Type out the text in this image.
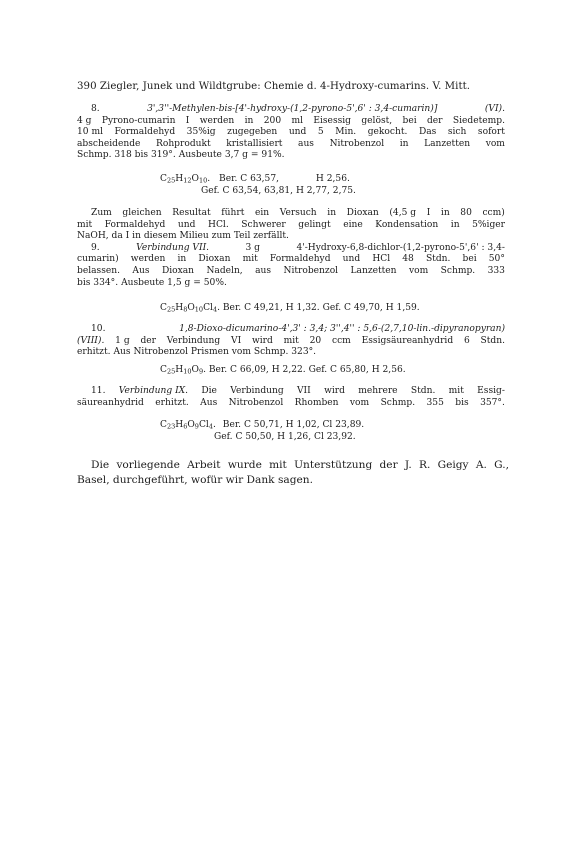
390 Ziegler, Junek und Wildtgrube: Chemie d. 4-Hydroxy-cumarins. V. Mitt.
8.	3',3''-Methylen-bis-[4'-hydroxy-(1,2-pyrono-5',6' : 3,4-cumarin)]	(VI).
4 g Pyrono-cumarin I werden in 200 ml Eisessig gelöst, bei der Siedetemp.
10 ml Formaldehyd 35%ig zugegeben und 5 Min. gekocht. Das sich sofort
abscheidende Rohprodukt kristallisiert aus Nitrobenzol in Lanzetten vom
Schmp. 318 bis 319°. Ausbeute 3,7 g = 91%.
$C_{25}H_{12}O_{10}$. Ber. C 63,57,	H 2,56.
Gef. C 63,54, 63,81, H 2,77, 2,75.
Zum gleichen Resultat führt ein Versuch in Dioxan (4,5 g I in 80 ccm)
mit Formaldehyd und HCl. Schwerer gelingt eine Kondensation in 5%iger
NaOH, da I in diesem Milieu zum Teil zerfällt.
9.	Verbindung VII.	3 g	4'-Hydroxy-6,8-dichlor-(1,2-pyrono-5',6' : 3,4-
cumarin) werden in Dioxan mit Formaldehyd und HCl 48 Stdn. bei 50°
belassen. Aus Dioxan Nadeln, aus Nitrobenzol Lanzetten vom Schmp. 333
bis 334°. Ausbeute 1,5 g = 50%.
$C_{25}H_8O_{10}Cl_4$. Ber. C 49,21, H 1,32. Gef. C 49,70, H 1,59.
10.	1,8-Dioxo-dicumarino-4',3' : 3,4; 3'',4'' : 5,6-(2,7,10-lin.-dipyranopyran)
(VIII). 1 g der Verbindung VI wird mit 20 ccm Essigsäureanhydrid 6 Stdn.
erhitzt. Aus Nitrobenzol Prismen vom Schmp. 323°.
$C_{25}H_{10}O_9$. Ber. C 66,09, H 2,22. Gef. C 65,80, H 2,56.
11. Verbindung IX. Die Verbindung VII wird mehrere Stdn. mit Essig-
säureanhydrid erhitzt. Aus Nitrobenzol Rhomben vom Schmp. 355 bis 357°.
$C_{23}H_6O_9Cl_4$. Ber. C 50,71, H 1,02, Cl 23,89.
Gef. C 50,50, H 1,26, Cl 23,92.
Die vorliegende Arbeit wurde mit Unterstützung der J. R. Geigy A. G.,
Basel, durchgeführt, wofür wir Dank sagen.
